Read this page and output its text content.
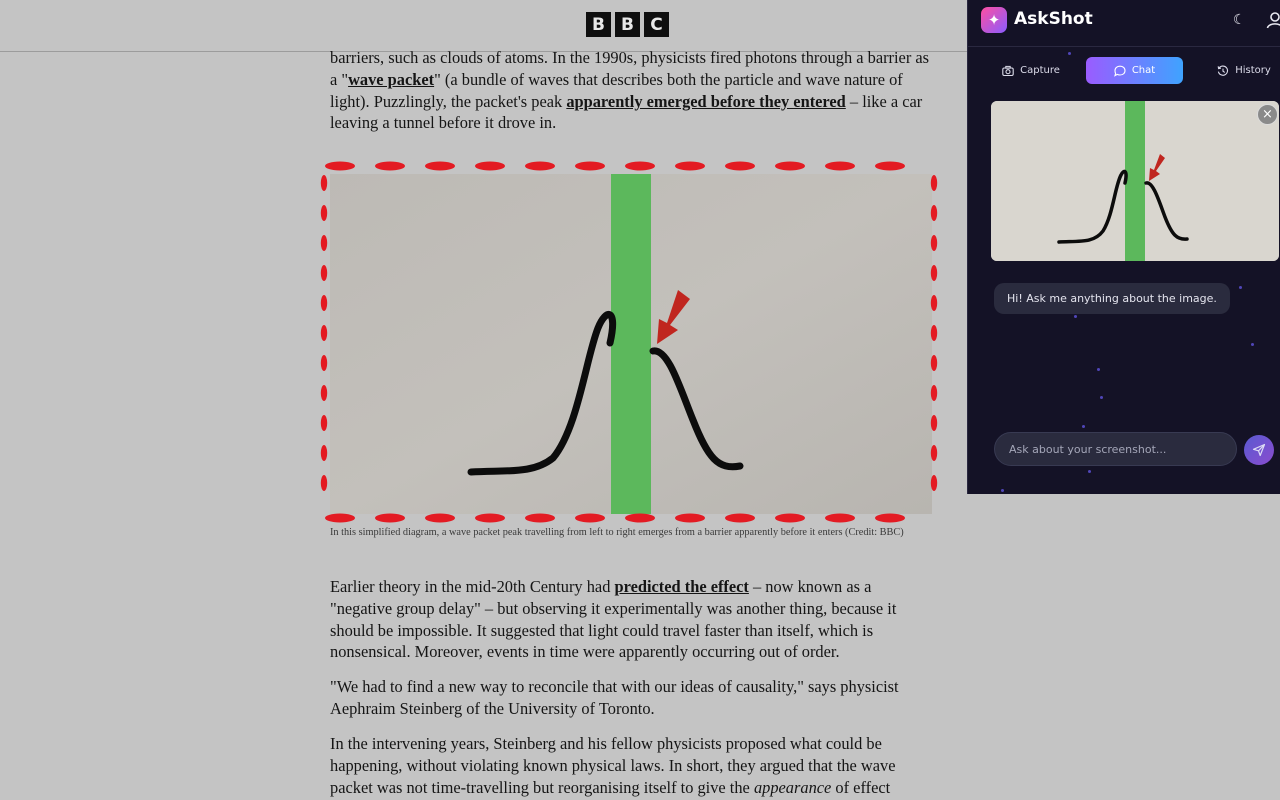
B B C

barriers, such as clouds of atoms. In the 1990s, physicists fired photons through a barrier as a "wave packet" (a bundle of waves that describes both the particle and wave nature of light). Puzzlingly, the packet's peak apparently emerged before they entered – like a car leaving a tunnel before it drove in.

In this simplified diagram, a wave packet peak travelling from left to right emerges from a barrier apparently before it enters (Credit: BBC)

Earlier theory in the mid-20th Century had predicted the effect – now known as a "negative group delay" – but observing it experimentally was another thing, because it should be impossible. It suggested that light could travel faster than itself, which is nonsensical. Moreover, events in time were apparently occurring out of order.

"We had to find a new way to reconcile that with our ideas of causality," says physicist Aephraim Steinberg of the University of Toronto.

In the intervening years, Steinberg and his fellow physicists proposed what could be happening, without violating known physical laws. In short, they argued that the wave packet was not time-travelling but reorganising itself to give the appearance of effect

✦ AskShot	☾
Capture	Chat	History
×
Hi! Ask me anything about the image.
Ask about your screenshot...
